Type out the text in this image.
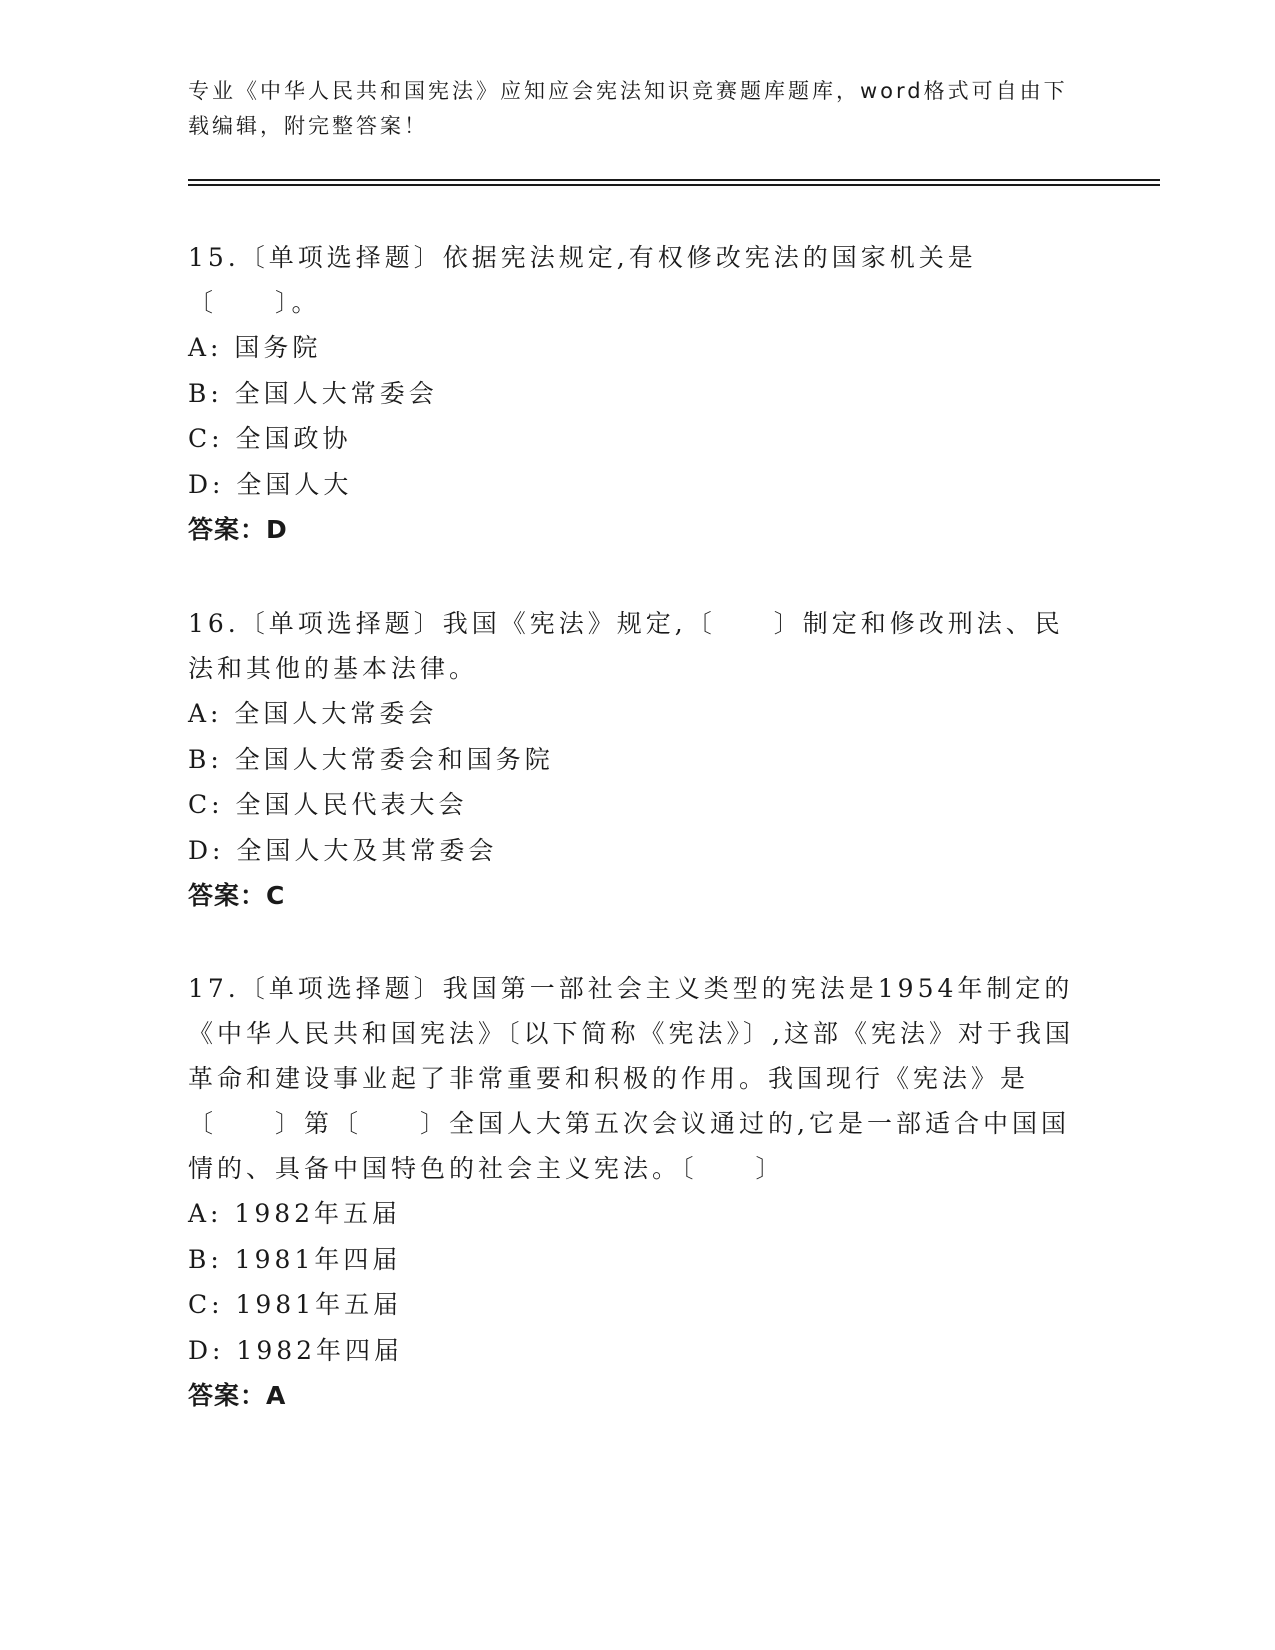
专业《中华人民共和国宪法》应知应会宪法知识竞赛题库题库，word格式可自由下载编辑，附完整答案！

15.〔单项选择题〕依据宪法规定,有权修改宪法的国家机关是〔　　〕。

A: 国务院

B: 全国人大常委会

C: 全国政协

D: 全国人大

答案：D

16.〔单项选择题〕我国《宪法》规定,〔　　〕制定和修改刑法、民法和其他的基本法律。

A: 全国人大常委会

B: 全国人大常委会和国务院

C: 全国人民代表大会

D: 全国人大及其常委会

答案：C

17.〔单项选择题〕我国第一部社会主义类型的宪法是1954年制定的《中华人民共和国宪法》〔以下简称《宪法》〕,这部《宪法》对于我国革命和建设事业起了非常重要和积极的作用。我国现行《宪法》是〔　　〕第〔　　〕全国人大第五次会议通过的,它是一部适合中国国情的、具备中国特色的社会主义宪法。〔　　〕

A: 1982年五届

B: 1981年四届

C: 1981年五届

D: 1982年四届

答案：A
